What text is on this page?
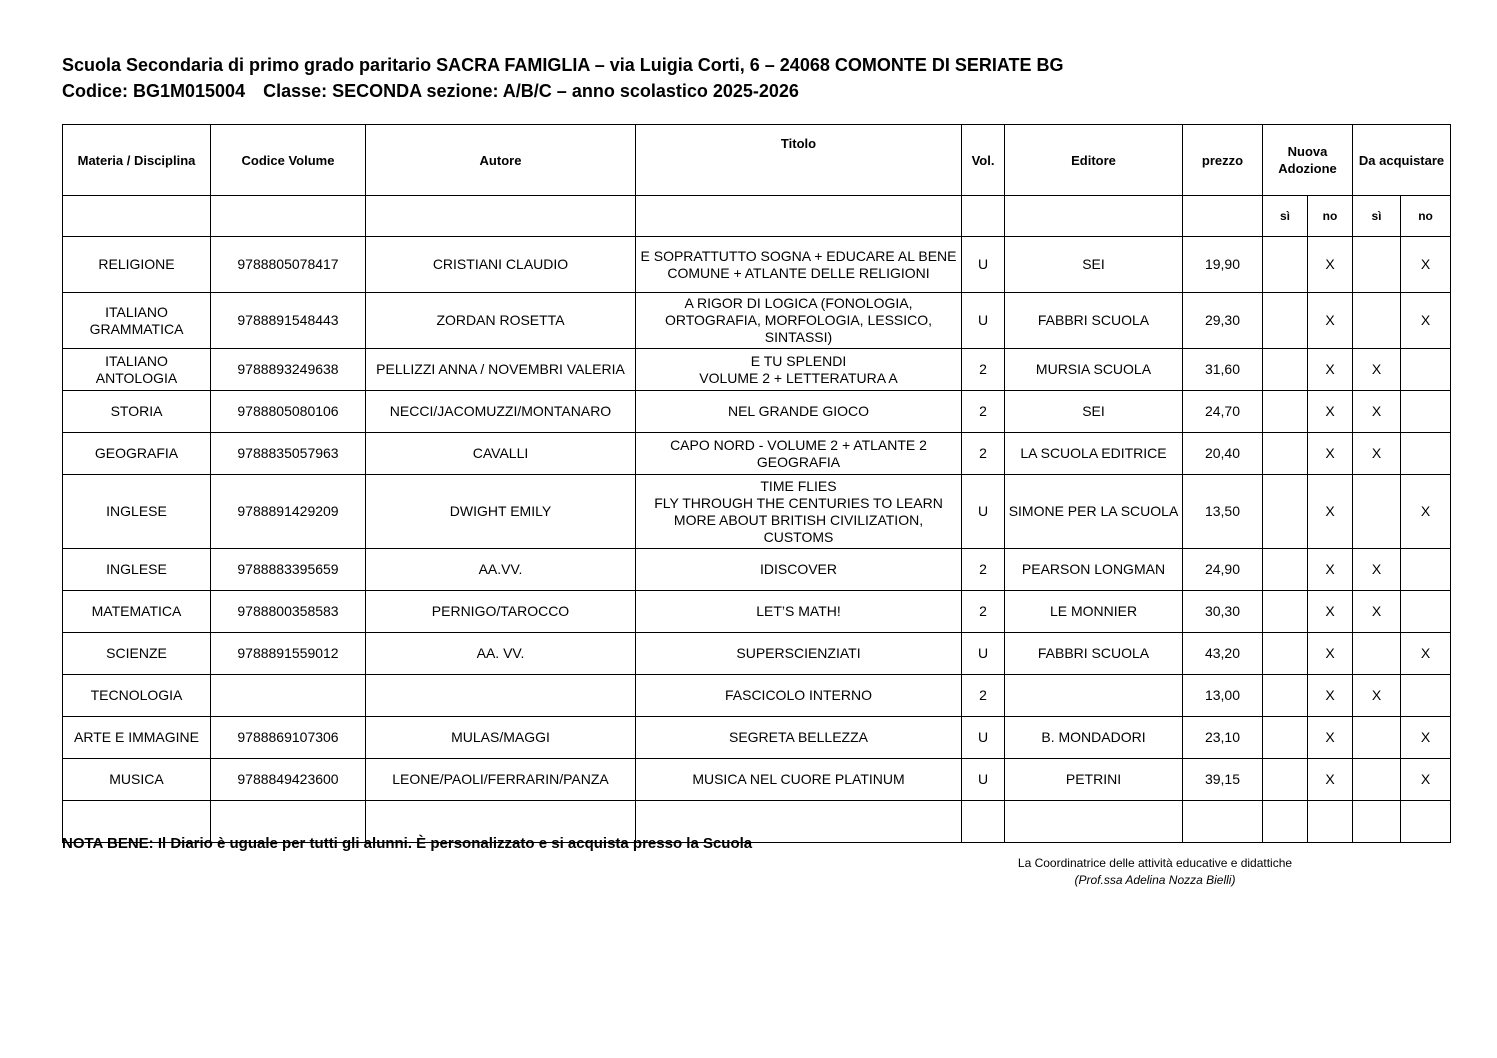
Scuola Secondaria di primo grado paritario SACRA FAMIGLIA – via Luigia Corti, 6 – 24068 COMONTE DI SERIATE BG
Codice: BG1M015004 Classe: SECONDA sezione: A/B/C – anno scolastico 2025-2026
Materia / Disciplina	Codice Volume	Autore	Titolo	Vol.	Editore	prezzo	Nuova Adozione		Da acquistare	
							sì	no	sì	no
RELIGIONE	9788805078417	CRISTIANI CLAUDIO	E SOPRATTUTTO SOGNA + EDUCARE AL BENE COMUNE + ATLANTE DELLE RELIGIONI	U	SEI	19,90		X		X
ITALIANO GRAMMATICA	9788891548443	ZORDAN ROSETTA	A RIGOR DI LOGICA (FONOLOGIA, ORTOGRAFIA, MORFOLOGIA, LESSICO, SINTASSI)	U	FABBRI SCUOLA	29,30		X		X
ITALIANO ANTOLOGIA	9788893249638	PELLIZZI ANNA / NOVEMBRI VALERIA	E TU SPLENDI
VOLUME 2 + LETTERATURA A	2	MURSIA SCUOLA	31,60		X	X	
STORIA	9788805080106	NECCI/JACOMUZZI/MONTANARO	NEL GRANDE GIOCO	2	SEI	24,70		X	X	
GEOGRAFIA	9788835057963	CAVALLI	CAPO NORD - VOLUME 2 + ATLANTE 2 GEOGRAFIA	2	LA SCUOLA EDITRICE	20,40		X	X	
INGLESE	9788891429209	DWIGHT EMILY	TIME FLIES
FLY THROUGH THE CENTURIES TO LEARN MORE ABOUT BRITISH CIVILIZATION, CUSTOMS	U	SIMONE PER LA SCUOLA	13,50		X		X
INGLESE	9788883395659	AA.VV.	IDISCOVER	2	PEARSON LONGMAN	24,90		X	X	
MATEMATICA	9788800358583	PERNIGO/TAROCCO	LET’S MATH!	2	LE MONNIER	30,30		X	X	
SCIENZE	9788891559012	AA. VV.	SUPERSCIENZIATI	U	FABBRI SCUOLA	43,20		X		X
TECNOLOGIA			FASCICOLO INTERNO	2		13,00		X	X	
ARTE E IMMAGINE	9788869107306	MULAS/MAGGI	SEGRETA BELLEZZA	U	B. MONDADORI	23,10		X		X
MUSICA	9788849423600	LEONE/PAOLI/FERRARIN/PANZA	MUSICA NEL CUORE PLATINUM	U	PETRINI	39,15		X		X

NOTA BENE: Il Diario è uguale per tutti gli alunni. È personalizzato e si acquista presso la Scuola
La Coordinatrice delle attività educative e didattiche
(Prof.ssa Adelina Nozza Bielli)
